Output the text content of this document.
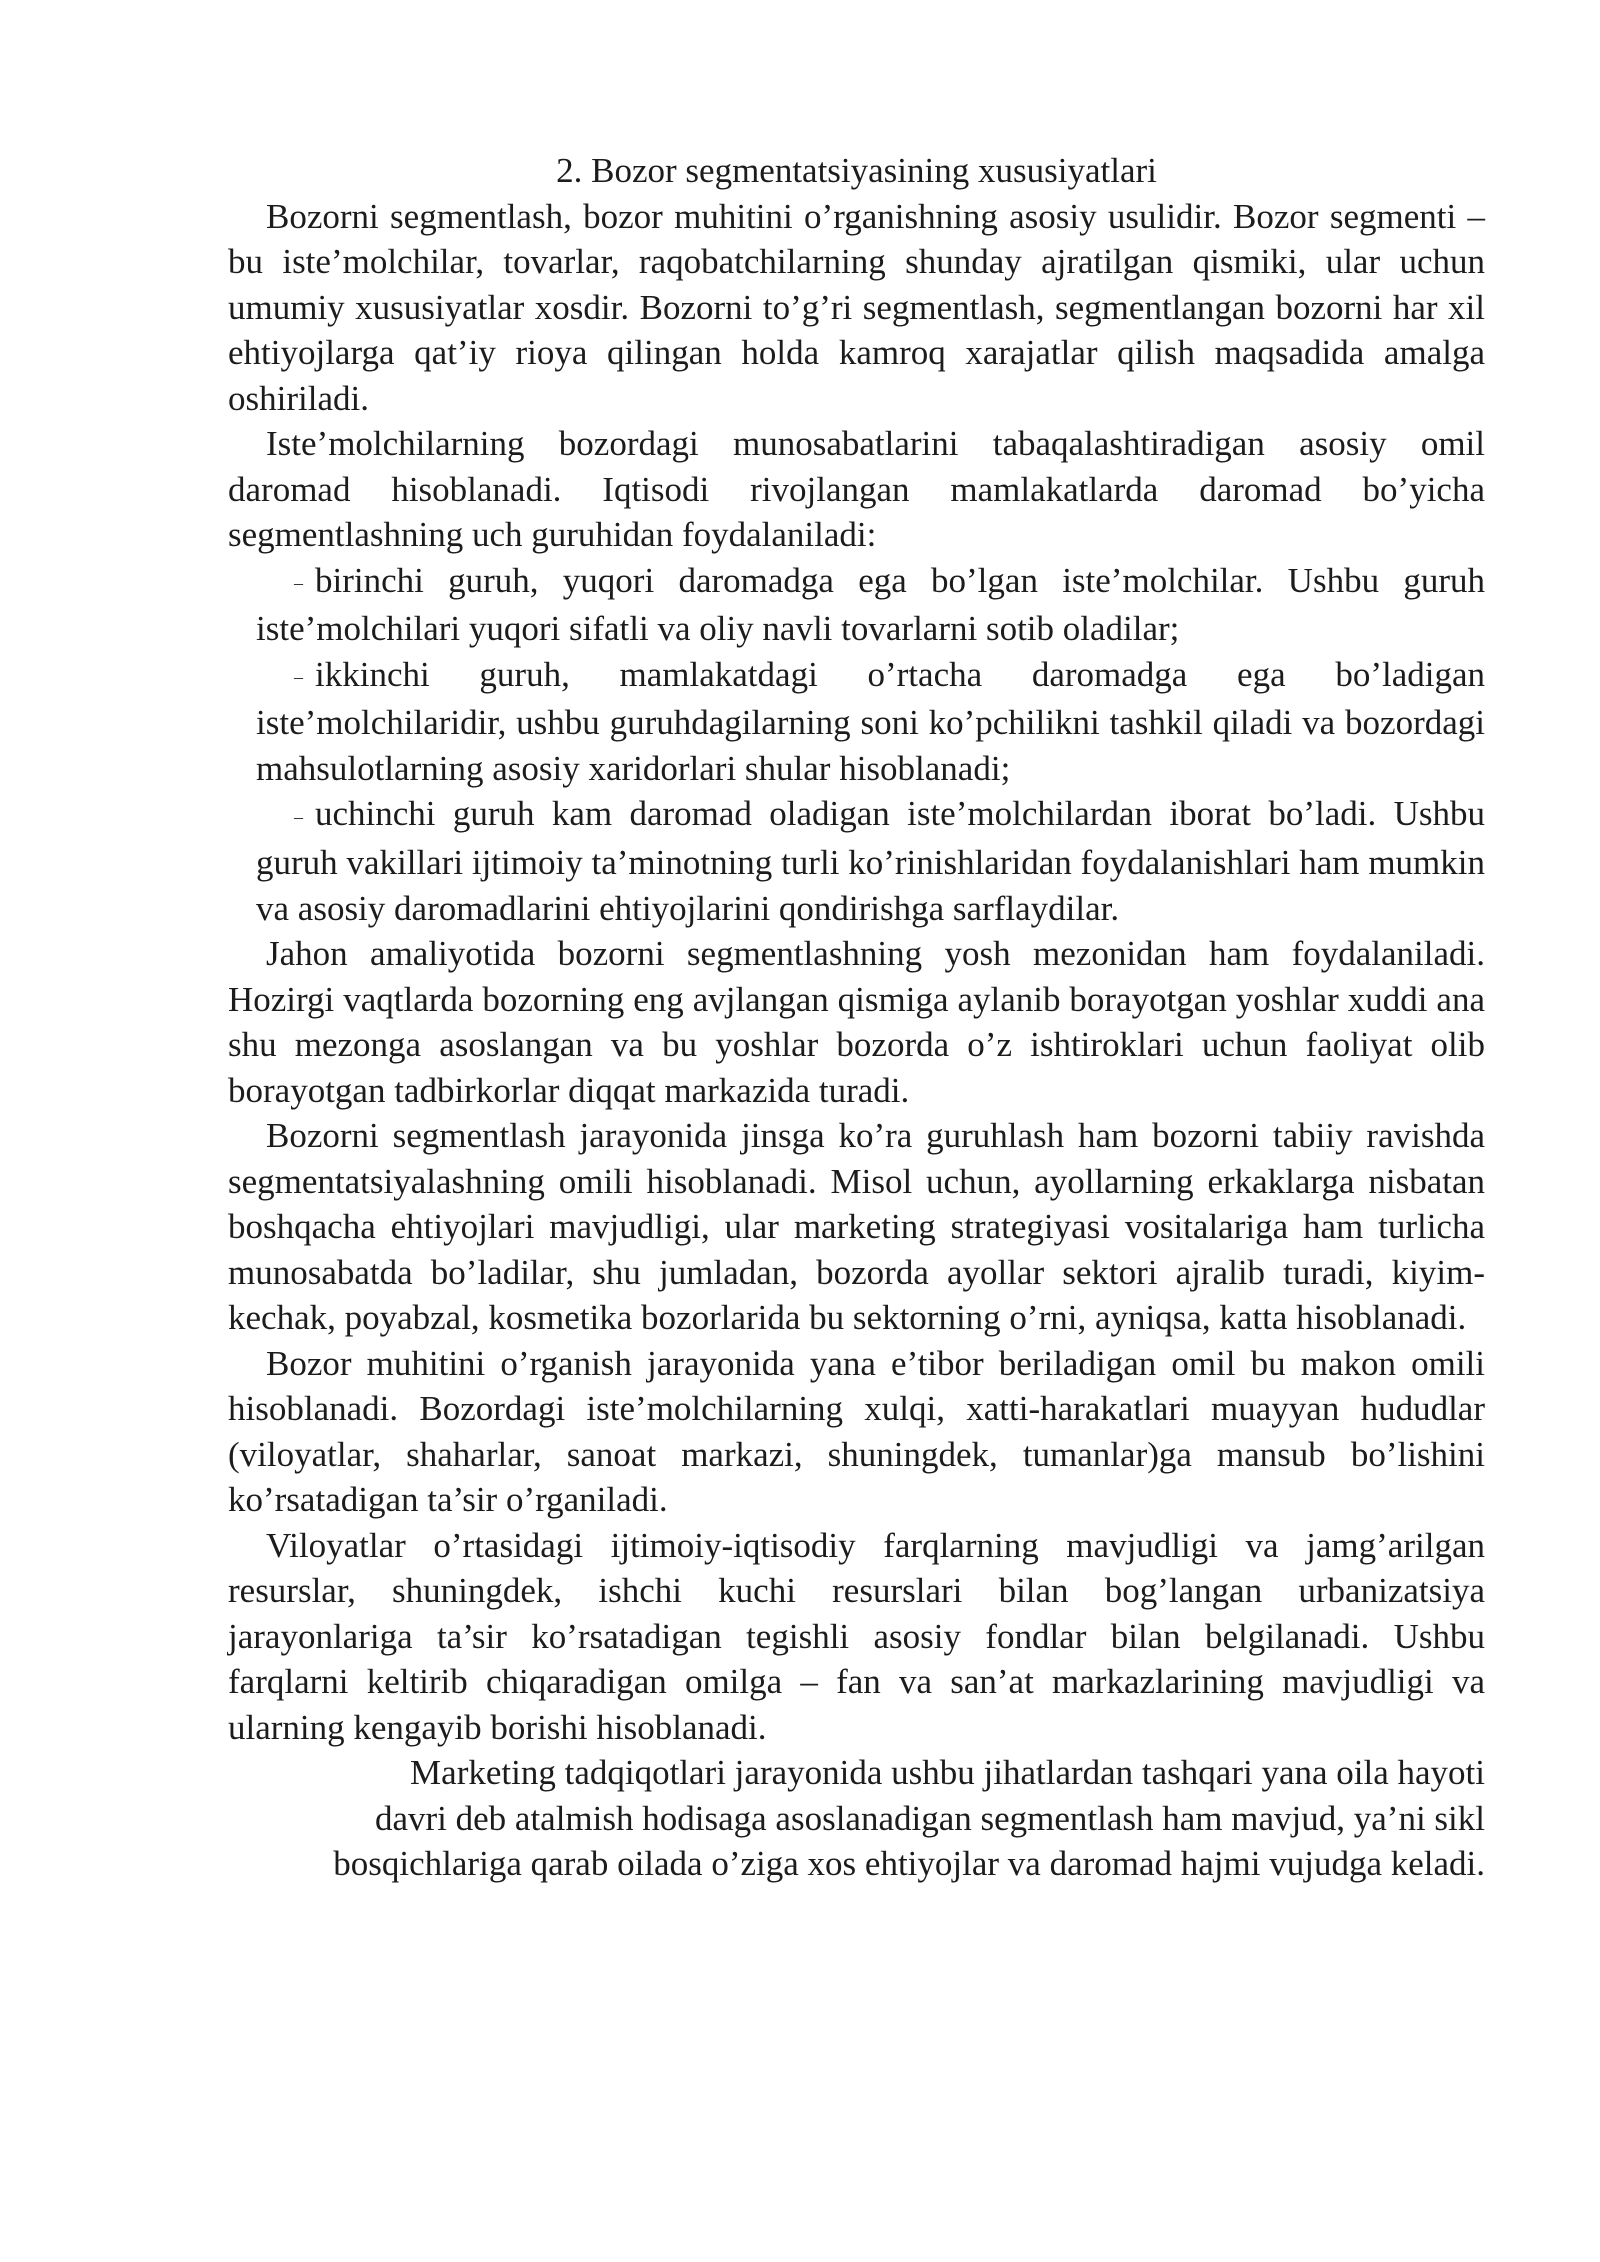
2. Bozor segmentatsiyasining xususiyatlari

Bozorni segmentlash, bozor muhitini o’rganishning asosiy usulidir. Bozor segmenti – bu iste’molchilar, tovarlar, raqobatchilarning shunday ajratilgan qismiki, ular uchun umumiy xususiyatlar xosdir. Bozorni to’g’ri segmentlash, segmentlangan bozorni har xil ehtiyojlarga qat’iy rioya qilingan holda kamroq xarajatlar qilish maqsadida amalga oshiriladi.

Iste’molchilarning bozordagi munosabatlarini tabaqalashtiradigan asosiy omil daromad hisoblanadi. Iqtisodi rivojlangan mamlakatlarda daromad bo’yicha segmentlashning uch guruhidan foydalaniladi:

– birinchi guruh, yuqori daromadga ega bo’lgan iste’molchilar. Ushbu guruh iste’molchilari yuqori sifatli va oliy navli tovarlarni sotib oladilar;
– ikkinchi guruh, mamlakatdagi o’rtacha daromadga ega bo’ladigan iste’molchilaridir, ushbu guruhdagilarning soni ko’pchilikni tashkil qiladi va bozordagi mahsulotlarning asosiy xaridorlari shular hisoblanadi;
– uchinchi guruh kam daromad oladigan iste’molchilardan iborat bo’ladi. Ushbu guruh vakillari ijtimoiy ta’minotning turli ko’rinishlaridan foydalanishlari ham mumkin va asosiy daromadlarini ehtiyojlarini qondirishga sarflaydilar.

Jahon amaliyotida bozorni segmentlashning yosh mezonidan ham foydalaniladi. Hozirgi vaqtlarda bozorning eng avjlangan qismiga aylanib borayotgan yoshlar xuddi ana shu mezonga asoslangan va bu yoshlar bozorda o’z ishtiroklari uchun faoliyat olib borayotgan tadbirkorlar diqqat markazida turadi.

Bozorni segmentlash jarayonida jinsga ko’ra guruhlash ham bozorni tabiiy ravishda segmentatsiyalashning omili hisoblanadi. Misol uchun, ayollarning erkaklarga nisbatan boshqacha ehtiyojlari mavjudligi, ular marketing strategiyasi vositalariga ham turlicha munosabatda bo’ladilar, shu jumladan, bozorda ayollar sektori ajralib turadi, kiyim-kechak, poyabzal, kosmetika bozorlarida bu sektorning o’rni, ayniqsa, katta hisoblanadi.

Bozor muhitini o’rganish jarayonida yana e’tibor beriladigan omil bu makon omili hisoblanadi. Bozordagi iste’molchilarning xulqi, xatti-harakatlari muayyan hududlar (viloyatlar, shaharlar, sanoat markazi, shuningdek, tumanlar)ga mansub bo’lishini ko’rsatadigan ta’sir o’rganiladi.

Viloyatlar o’rtasidagi ijtimoiy-iqtisodiy farqlarning mavjudligi va jamg’arilgan resurslar, shuningdek, ishchi kuchi resurslari bilan bog’langan urbanizatsiya jarayonlariga ta’sir ko’rsatadigan tegishli asosiy fondlar bilan belgilanadi. Ushbu farqlarni keltirib chiqaradigan omilga – fan va san’at markazlarining mavjudligi va ularning kengayib borishi hisoblanadi.

Marketing tadqiqotlari jarayonida ushbu jihatlardan tashqari yana oila hayoti
davri deb atalmish hodisaga asoslanadigan segmentlash ham mavjud, ya’ni sikl
bosqichlariga qarab oilada o’ziga xos ehtiyojlar va daromad hajmi vujudga keladi.
